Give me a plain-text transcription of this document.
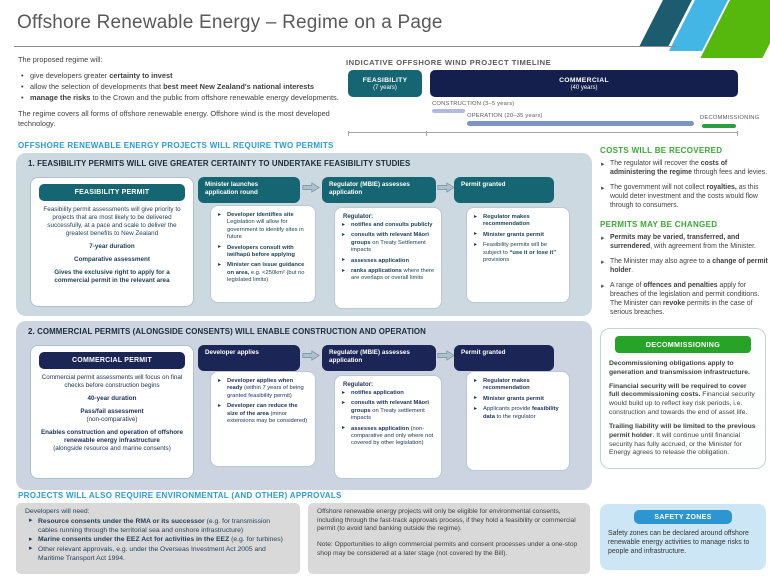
Offshore Renewable Energy – Regime on a Page

The proposed regime will:

• give developers greater certainty to invest
• allow the selection of developments that best meet New Zealand's national interests
• manage the risks to the Crown and the public from offshore renewable energy developments.

The regime covers all forms of offshore renewable energy. Offshore wind is the most developed technology.

INDICATIVE OFFSHORE WIND PROJECT TIMELINE
FEASIBILITY
(7 years)
COMMERCIAL
(40 years)
CONSTRUCTION (3–5 years)
OPERATION (20–35 years)	DECOMMISSIONING
OFFSHORE RENEWABLE ENERGY PROJECTS WILL REQUIRE TWO PERMITS
1. FEASIBILITY PERMITS WILL GIVE GREATER CERTAINTY TO UNDERTAKE FEASIBILITY STUDIES
FEASIBILITY PERMIT

Feasibility permit assessments will give priority to projects that are most likely to be delivered successfully, at a pace and scale to deliver the greatest benefits to New Zealand

7-year duration

Comparative assessment

Gives the exclusive right to apply for a commercial permit in the relevant area

Minister launches application round
Regulator (MBIE) assesses application
Permit granted
▸ Developer identifies site Legislation will allow for government to identify sites in future
▸ Developers consult with iwi/hapū before applying
▸ Minister can issue guidance on area, e.g. <250km² (but no legislated limits)
Regulator:
▸ notifies and consults publicly
▸ consults with relevant Māori groups on Treaty Settlement impacts
▸ assesses application
▸ ranks applications where there are overlaps or overall limits
▸ Regulator makes recommendation
▸ Minister grants permit
▸ Feasibility permits will be subject to “use it or lose it” provisions
COSTS WILL BE RECOVERED
▸ The regulator will recover the costs of administering the regime through fees and levies.
▸ The government will not collect royalties, as this would deter investment and the costs would flow through to consumers.
PERMITS MAY BE CHANGED
▸ Permits may be varied, transferred, and surrendered, with agreement from the Minister.
▸ The Minister may also agree to a change of permit holder.
▸ A range of offences and penalties apply for breaches of the legislation and permit conditions. The Minister can revoke permits in the case of serious breaches.
2. COMMERCIAL PERMITS (ALONGSIDE CONSENTS) WILL ENABLE CONSTRUCTION AND OPERATION
COMMERCIAL PERMIT

Commercial permit assessments will focus on final checks before construction begins

40-year duration

Pass/fail assessment

(non-comparative)

Enables construction and operation of offshore renewable energy infrastructure

(alongside resource and marine consents)

Developer applies	Regulator (MBIE) assesses application
Permit granted
▸ Developer applies when ready (within 7 years of being granted feasibility permit)
▸ Developer can reduce the size of the area (minor extensions may be considered)
Regulator:
▸ notifies application
▸ consults with relevant Māori groups on Treaty settlement impacts
▸ assesses application (non-comparative and only where not covered by other legislation)
▸ Regulator makes recommendation
▸ Minister grants permit
▸ Applicants provide feasibility data to the regulator
DECOMMISSIONING

Decommissioning obligations apply to generation and transmission infrastructure.

Financial security will be required to cover full decommissioning costs. Financial security would build up to reflect key risk periods, i.e. construction and towards the end of asset life.

Trailing liability will be limited to the previous permit holder. It will continue until financial security has fully accrued, or the Minister for Energy agrees to release the obligation.

PROJECTS WILL ALSO REQUIRE ENVIRONMENTAL (AND OTHER) APPROVALS

Developers will need:

▸ Resource consents under the RMA or its successor (e.g. for transmission cables running through the territorial sea and onshore infrastructure)
▸ Marine consents under the EEZ Act for activities in the EEZ (e.g. for turbines)
▸ Other relevant approvals, e.g. under the Overseas Investment Act 2005 and Maritime Transport Act 1994.

Offshore renewable energy projects will only be eligible for environmental consents, including through the fast-track approvals process, if they hold a feasibility or commercial permit (to avoid land banking outside the regime).

Note: Opportunities to align commercial permits and consent processes under a one-stop shop may be considered at a later stage (not covered by the Bill).

SAFETY ZONES

Safety zones can be declared around offshore renewable energy activities to manage risks to people and infrastructure.
